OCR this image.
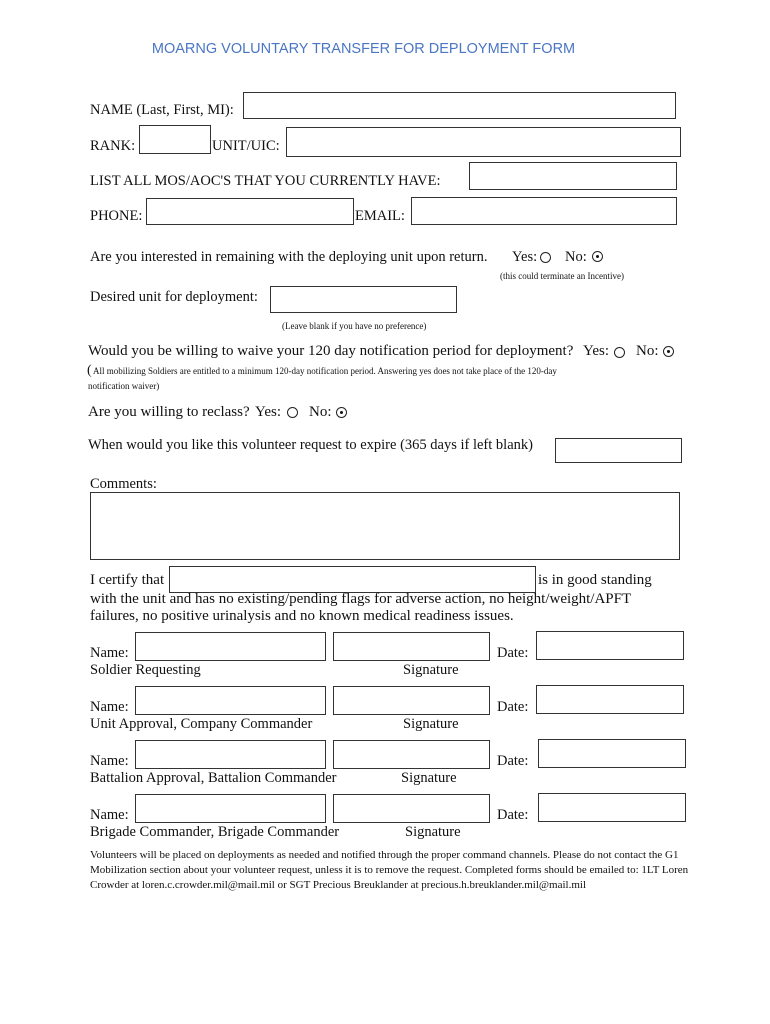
MOARNG VOLUNTARY TRANSFER FOR DEPLOYMENT FORM
NAME (Last, First, MI):
RANK:	UNIT/UIC:
LIST ALL MOS/AOC'S THAT YOU CURRENTLY HAVE:
PHONE:	EMAIL:
Are you interested in remaining with the deploying unit upon return. Yes: No:
(this could terminate an Incentive)
Desired unit for deployment:
(Leave blank if you have no preference)
Would you be willing to waive your 120 day notification period for deployment? Yes: No:
( All mobilizing Soldiers are entitled to a minimum 120-day notification period. Answering yes does not take place of the 120-day
notification waiver)
Are you willing to reclass? Yes: No:
When would you like this volunteer request to expire (365 days if left blank)
Comments:
I certify that	is in good standing
with the unit and has no existing/pending flags for adverse action, no height/weight/APFT
failures, no positive urinalysis and no known medical readiness issues.
Name:	Date:
Soldier Requesting	Signature
Name:	Date:
Unit Approval, Company Commander	Signature
Name:	Date:
Battalion Approval, Battalion Commander	Signature
Name:	Date:
Brigade Commander, Brigade Commander	Signature
Volunteers will be placed on deployments as needed and notified through the proper command channels. Please do not contact the G1 Mobilization section about your volunteer request, unless it is to remove the request. Completed forms should be emailed to: 1LT Loren Crowder at loren.c.crowder.mil@mail.mil or SGT Precious Breuklander at precious.h.breuklander.mil@mail.mil
